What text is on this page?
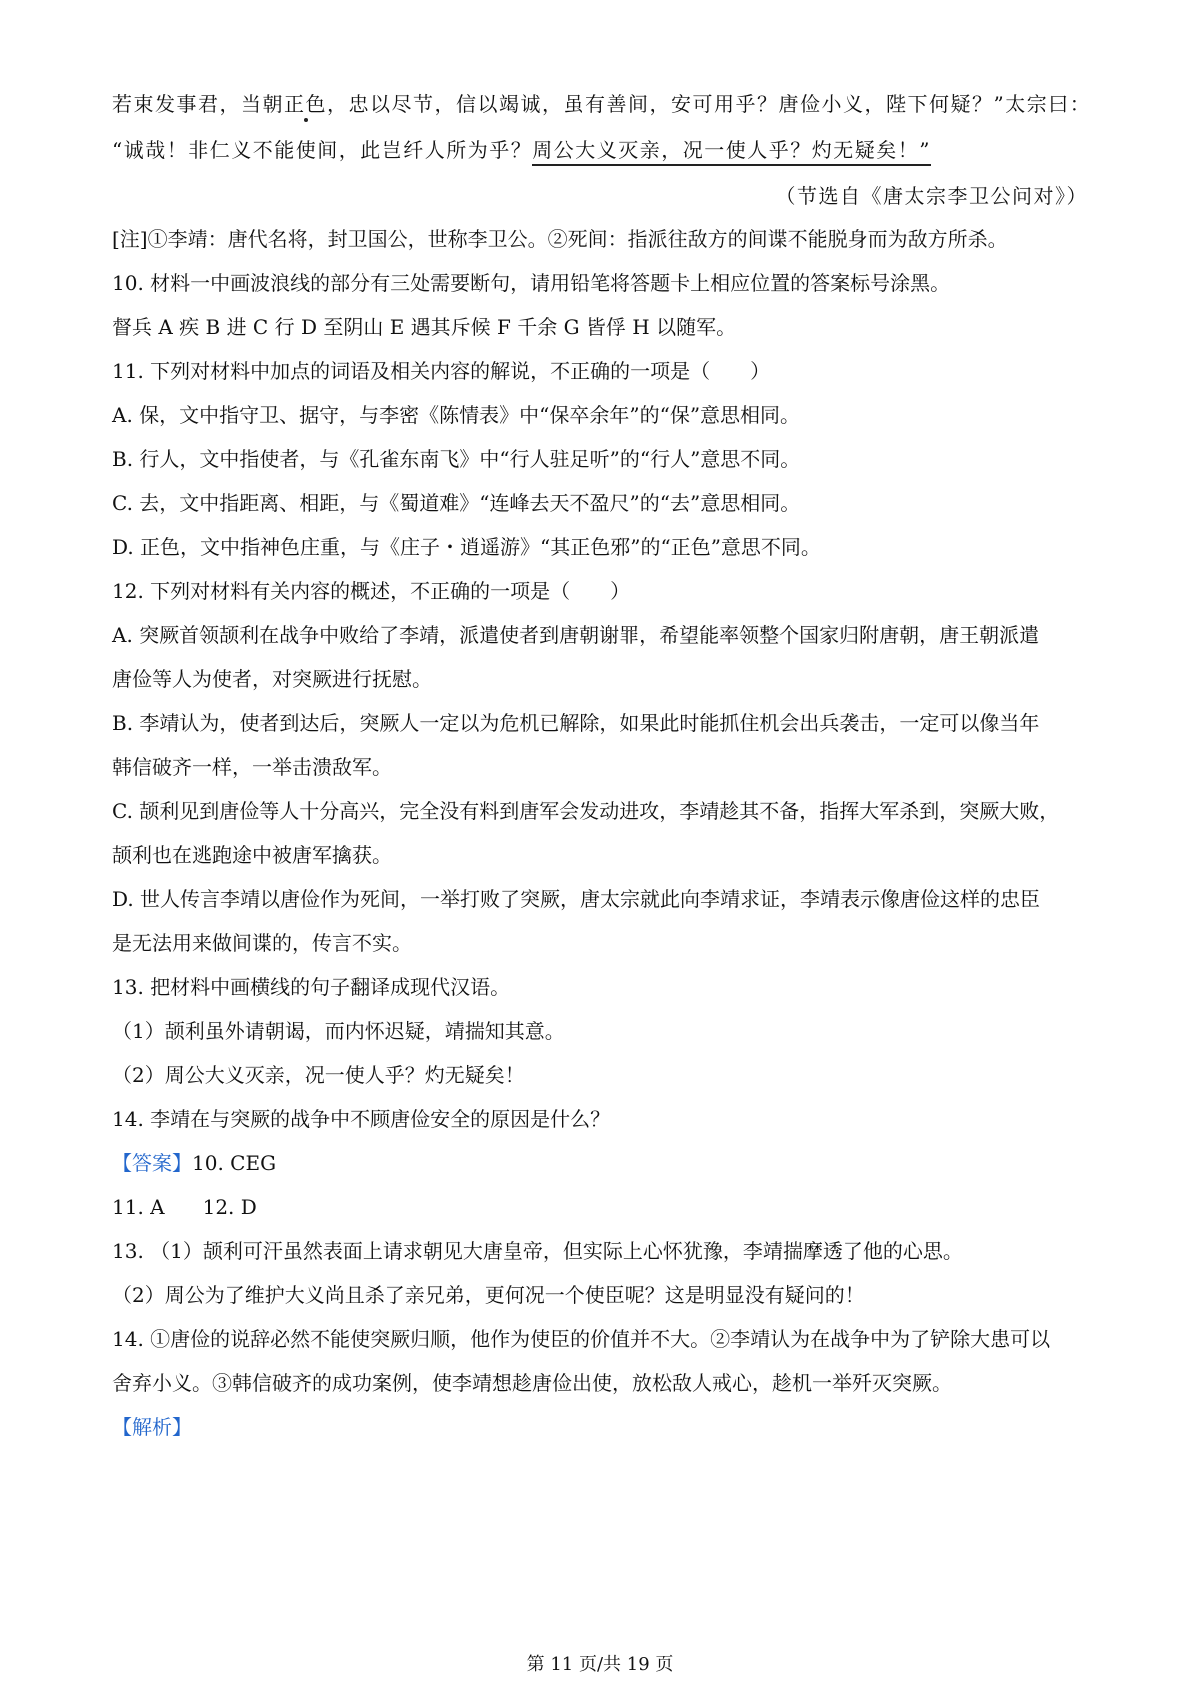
若束发事君，当朝正色，忠以尽节，信以竭诚，虽有善间，安可用乎？唐俭小义，陛下何疑？”太宗曰：
“诚哉！非仁义不能使间，此岂纤人所为乎？周公大义灭亲，况一使人乎？灼无疑矣！”
（节选自《唐太宗李卫公问对》）
[注]①李靖：唐代名将，封卫国公，世称李卫公。②死间：指派往敌方的间谍不能脱身而为敌方所杀。
10. 材料一中画波浪线的部分有三处需要断句，请用铅笔将答题卡上相应位置的答案标号涂黑。
督兵 A 疾 B 进 C 行 D 至阴山 E 遇其斥候 F 千余 G 皆俘 H 以随军。
11. 下列对材料中加点的词语及相关内容的解说，不正确的一项是（　　）
A. 保，文中指守卫、据守，与李密《陈情表》中“保卒余年”的“保”意思相同。
B. 行人，文中指使者，与《孔雀东南飞》中“行人驻足听”的“行人”意思不同。
C. 去，文中指距离、相距，与《蜀道难》“连峰去天不盈尺”的“去”意思相同。
D. 正色，文中指神色庄重，与《庄子・逍遥游》“其正色邪”的“正色”意思不同。
12. 下列对材料有关内容的概述，不正确的一项是（　　）
A. 突厥首领颉利在战争中败给了李靖，派遣使者到唐朝谢罪，希望能率领整个国家归附唐朝，唐王朝派遣
唐俭等人为使者，对突厥进行抚慰。
B. 李靖认为，使者到达后，突厥人一定以为危机已解除，如果此时能抓住机会出兵袭击，一定可以像当年
韩信破齐一样，一举击溃敌军。
C. 颉利见到唐俭等人十分高兴，完全没有料到唐军会发动进攻，李靖趁其不备，指挥大军杀到，突厥大败，
颉利也在逃跑途中被唐军擒获。
D. 世人传言李靖以唐俭作为死间，一举打败了突厥，唐太宗就此向李靖求证，李靖表示像唐俭这样的忠臣
是无法用来做间谍的，传言不实。
13. 把材料中画横线的句子翻译成现代汉语。
（1）颉利虽外请朝谒，而内怀迟疑，靖揣知其意。
（2）周公大义灭亲，况一使人乎？灼无疑矣！
14. 李靖在与突厥的战争中不顾唐俭安全的原因是什么？
【答案】10. CEG
11. A 12. D
13. （1）颉利可汗虽然表面上请求朝见大唐皇帝，但实际上心怀犹豫，李靖揣摩透了他的心思。
（2）周公为了维护大义尚且杀了亲兄弟，更何况一个使臣呢？这是明显没有疑问的！
14. ①唐俭的说辞必然不能使突厥归顺，他作为使臣的价值并不大。②李靖认为在战争中为了铲除大患可以
舍弃小义。③韩信破齐的成功案例，使李靖想趁唐俭出使，放松敌人戒心，趁机一举歼灭突厥。
【解析】
第 11 页/共 19 页
